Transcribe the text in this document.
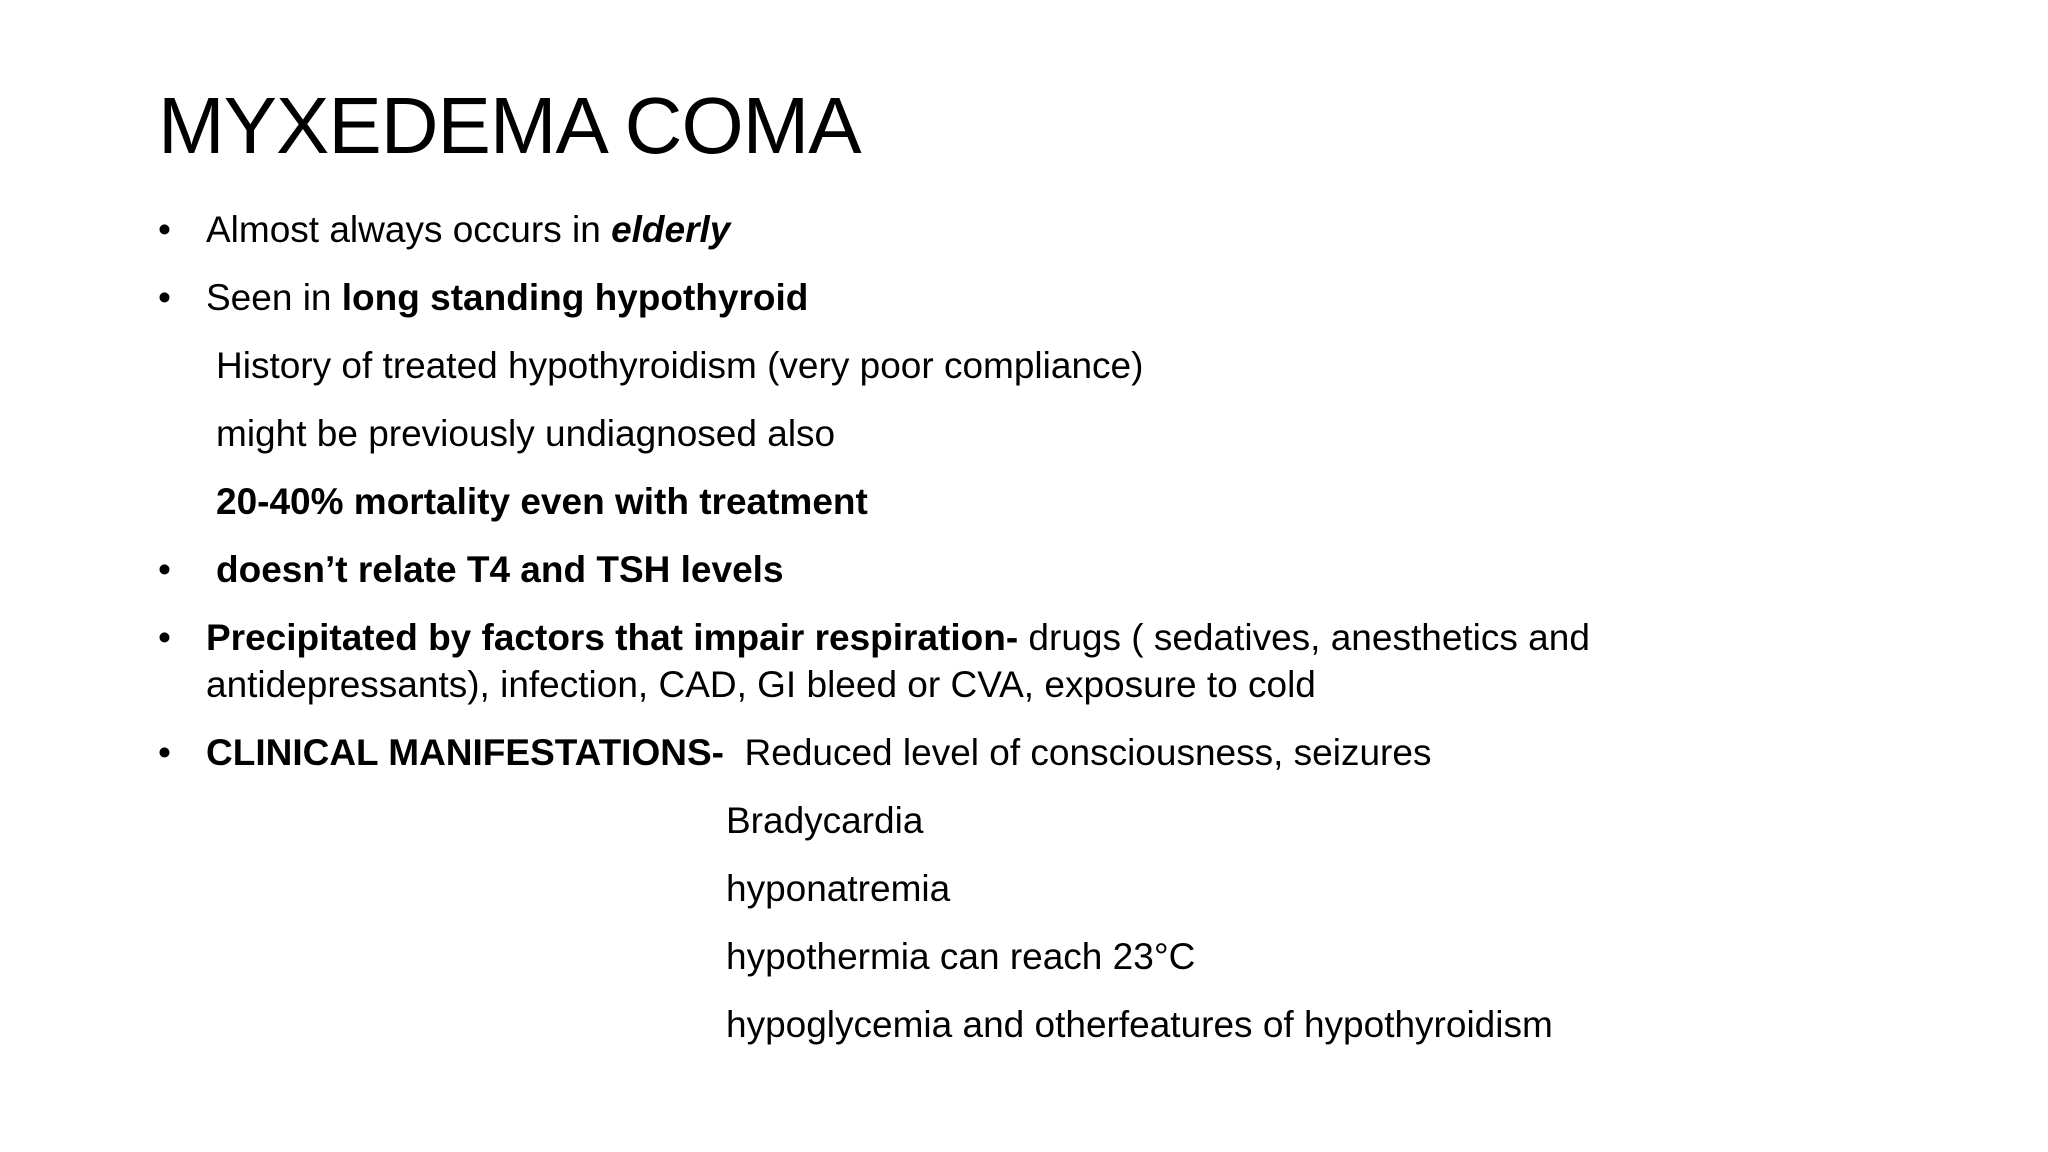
MYXEDEMA COMA
• Almost always occurs in elderly
• Seen in long standing hypothyroid
History of treated hypothyroidism (very poor compliance)
might be previously undiagnosed also
20-40% mortality even with treatment
• doesn’t relate T4 and TSH levels
• Precipitated by factors that impair respiration- drugs ( sedatives, anesthetics and
antidepressants), infection, CAD, GI bleed or CVA, exposure to cold
• CLINICAL MANIFESTATIONS-  Reduced level of consciousness, seizures
Bradycardia
hyponatremia
hypothermia can reach 23°C
hypoglycemia and otherfeatures of hypothyroidism
